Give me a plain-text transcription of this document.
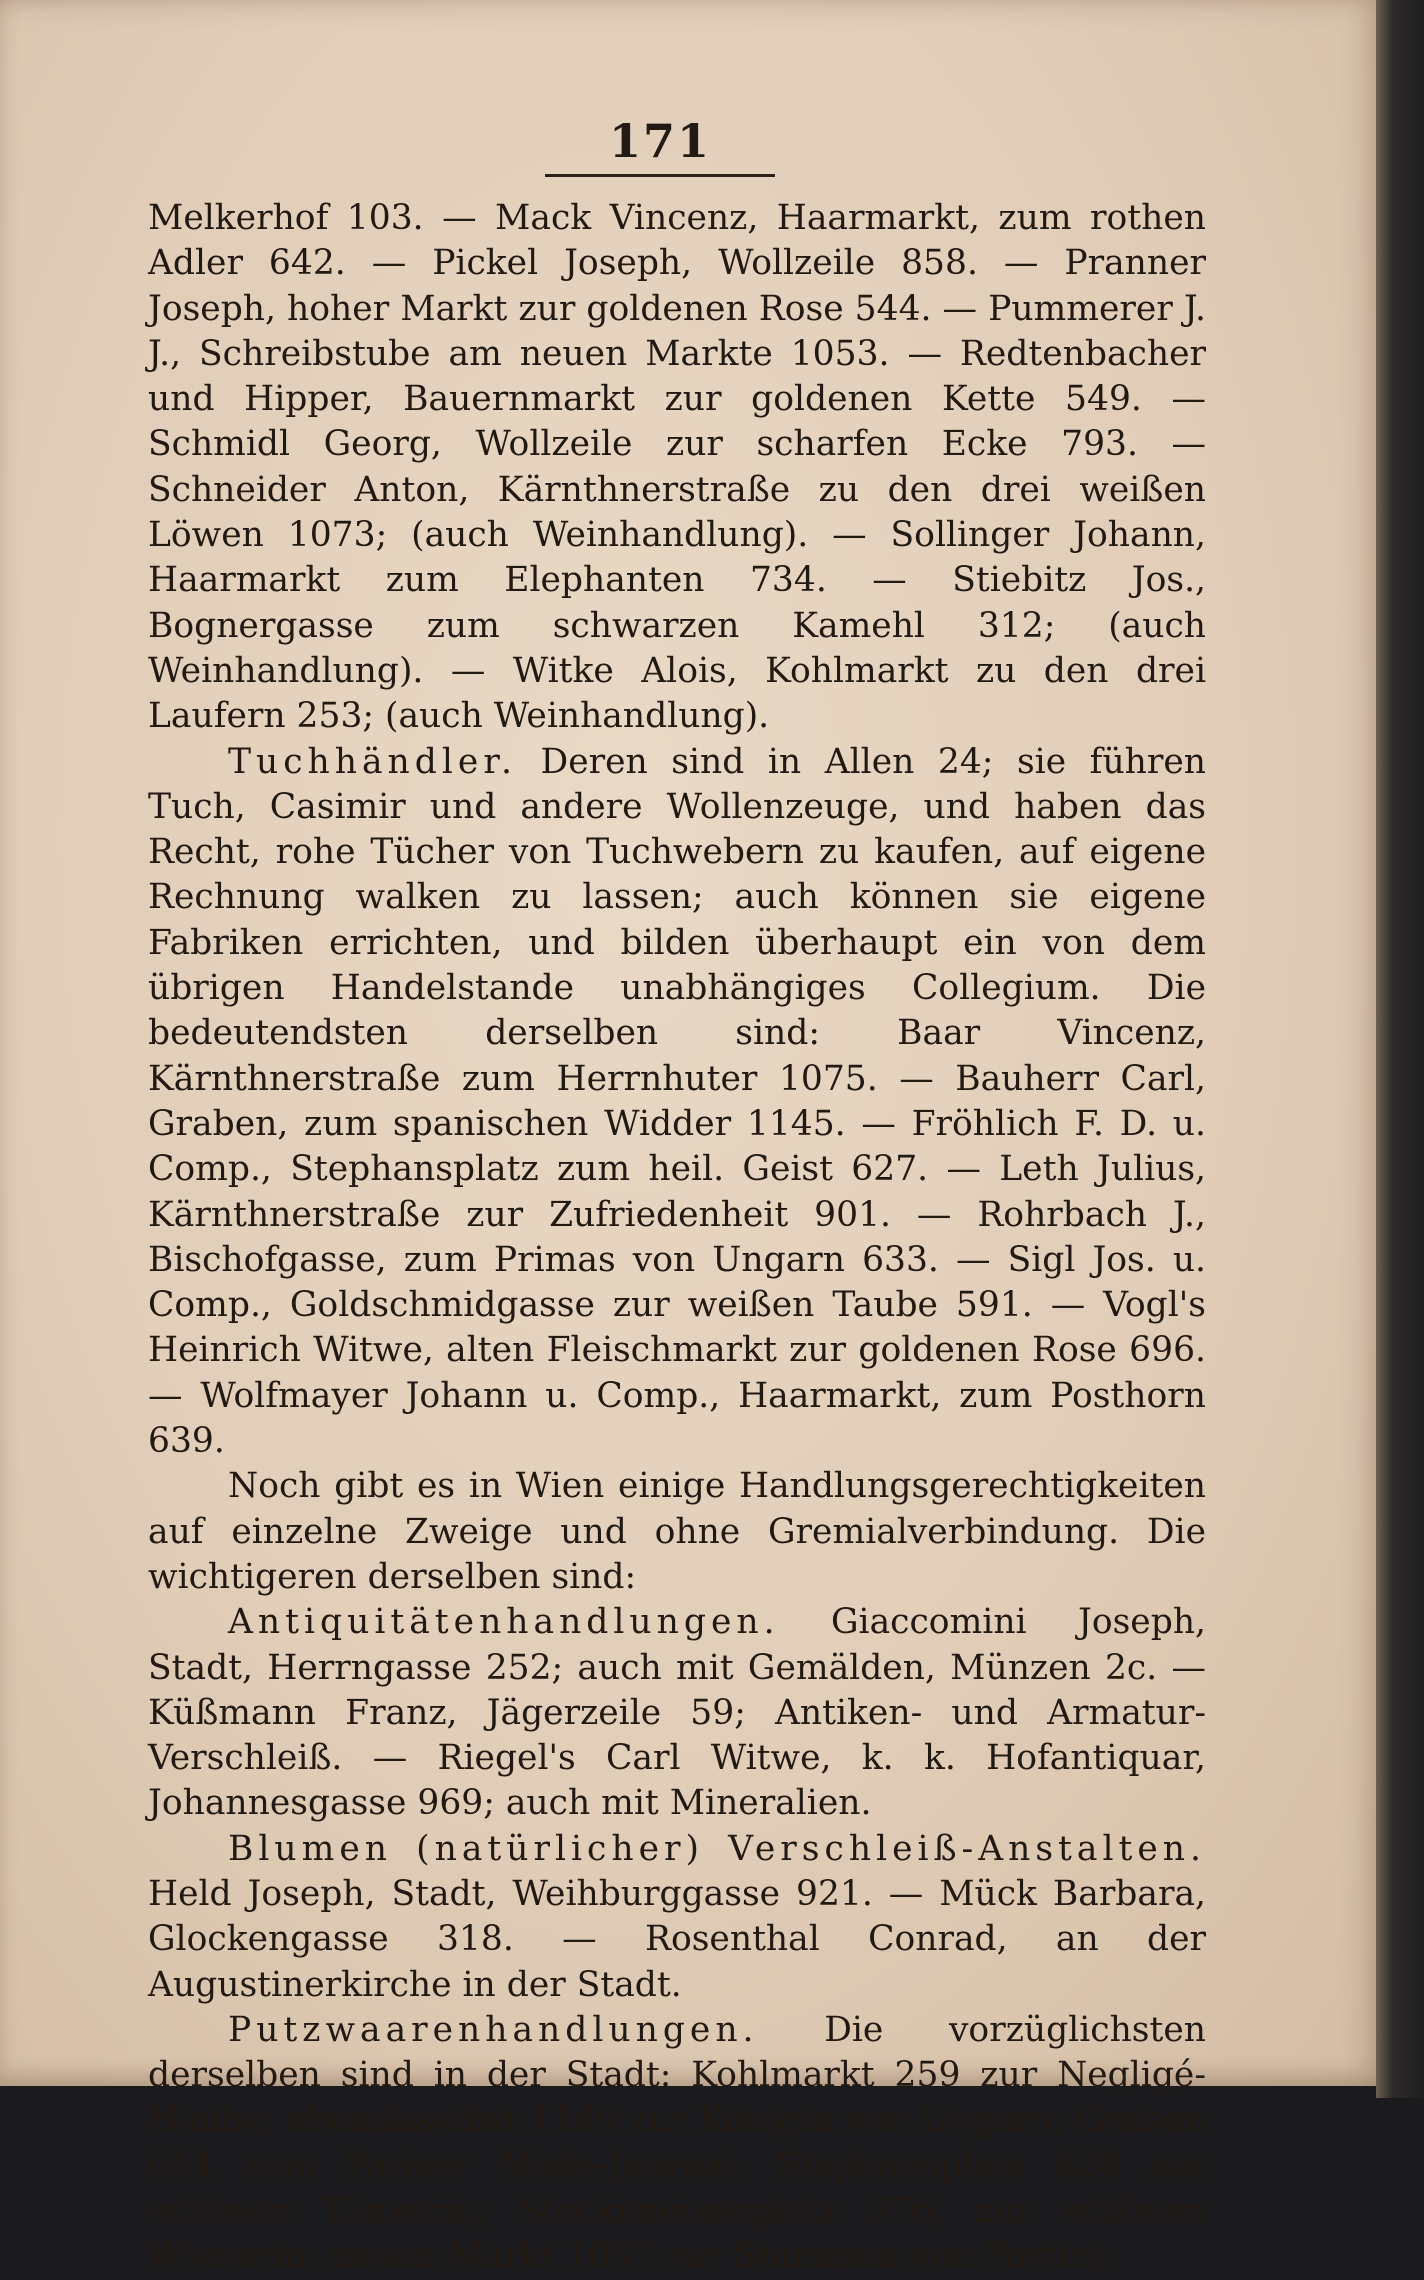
171

Melkerhof 103. — Mack Vincenz, Haarmarkt, zum rothen Adler 642. — Pickel Joseph, Wollzeile 858. — Pranner Joseph, hoher Markt zur goldenen Rose 544. — Pummerer J. J., Schreibstube am neuen Markte 1053. — Redtenbacher und Hipper, Bauernmarkt zur goldenen Kette 549. — Schmidl Georg, Wollzeile zur scharfen Ecke 793. — Schneider Anton, Kärnthnerstraße zu den drei weißen Löwen 1073; (auch Weinhandlung). — Sollinger Johann, Haarmarkt zum Elephanten 734. — Stiebitz Jos., Bognergasse zum schwarzen Kamehl 312; (auch Weinhandlung). — Witke Alois, Kohlmarkt zu den drei Laufern 253; (auch Weinhandlung).

Tuchhändler. Deren sind in Allen 24; sie führen Tuch, Casimir und andere Wollenzeuge, und haben das Recht, rohe Tücher von Tuchwebern zu kaufen, auf eigene Rechnung walken zu lassen; auch können sie eigene Fabriken errichten, und bilden überhaupt ein von dem übrigen Handelstande unabhängiges Collegium. Die bedeutendsten derselben sind: Baar Vincenz, Kärnthnerstraße zum Herrnhuter 1075. — Bauherr Carl, Graben, zum spanischen Widder 1145. — Fröhlich F. D. u. Comp., Stephansplatz zum heil. Geist 627. — Leth Julius, Kärnthnerstraße zur Zufriedenheit 901. — Rohrbach J., Bischofgasse, zum Primas von Ungarn 633. — Sigl Jos. u. Comp., Goldschmidgasse zur weißen Taube 591. — Vogl's Heinrich Witwe, alten Fleischmarkt zur goldenen Rose 696. — Wolfmayer Johann u. Comp., Haarmarkt, zum Posthorn 639.

Noch gibt es in Wien einige Handlungsgerechtigkeiten auf einzelne Zweige und ohne Gremialverbindung. Die wichtigeren derselben sind:

Antiquitätenhandlungen. Giaccomini Joseph, Stadt, Herrngasse 252; auch mit Gemälden, Münzen 2c. — Küßmann Franz, Jägerzeile 59; Antiken- und Armatur-Verschleiß. — Riegel's Carl Witwe, k. k. Hofantiquar, Johannesgasse 969; auch mit Mineralien.

Blumen (natürlicher) Verschleiß-Anstalten. Held Joseph, Stadt, Weihburggasse 921. — Mück Barbara, Glockengasse 318. — Rosenthal Conrad, an der Augustinerkirche in der Stadt.

Putzwaarenhandlungen. Die vorzüglichsten derselben sind in der Stadt: Kohlmarkt 259 zur Negligé-Haube; ebendaselbst 1149 zur Königin von Ungarn; Graben 614 zum Pariser Mode-Journal; Stephansplatz 628 zur schönen Tänzerin; Stockimeisenplatz 376, zur schönen Wienerin; neuen Markt 1057 zur Stummen von Portici;
